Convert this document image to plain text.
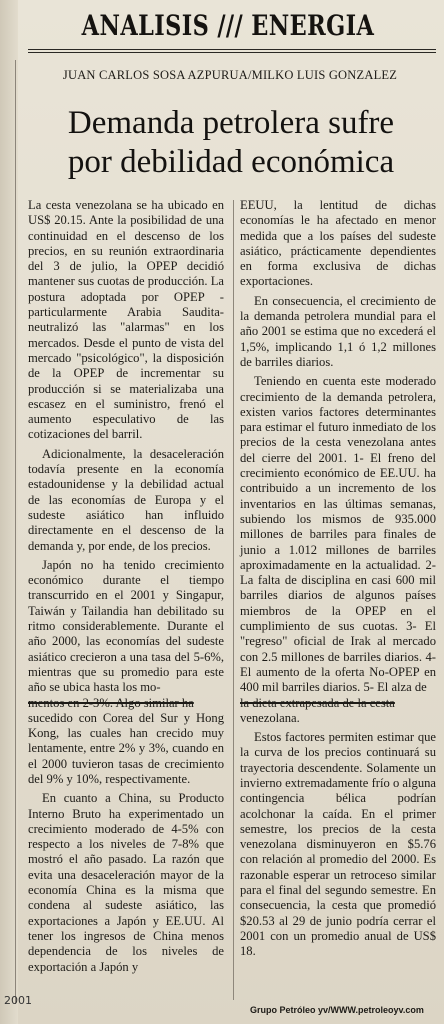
ANALISIS /// ENERGIA
JUAN CARLOS SOSA AZPURUA/MILKO LUIS GONZALEZ
Demanda petrolera sufre
por debilidad económica

La cesta venezolana se ha ubicado en US$ 20.15. Ante la posibilidad de una continuidad en el descenso de los precios, en su reunión extraordinaria del 3 de julio, la OPEP decidió mantener sus cuotas de producción. La postura adoptada por OPEP - particularmente Arabia Saudita- neutralizó las "alarmas" en los mercados. Desde el punto de vista del mercado "psicológico", la disposición de la OPEP de incrementar su producción si se materializaba una escasez en el suministro, frenó el aumento especulativo de las cotizaciones del barril.

Adicionalmente, la desaceleración todavía presente en la economía estadounidense y la debilidad actual de las economías de Europa y el sudeste asiático han influido directamente en el descenso de la demanda y, por ende, de los precios.

Japón no ha tenido crecimiento económico durante el tiempo transcurrido en el 2001 y Singapur, Taiwán y Tailandia han debilitado su ritmo considerablemente. Durante el año 2000, las economías del sudeste asiático crecieron a una tasa del 5-6%, mientras que su promedio para este año se ubica hasta los mo-

mentos en 2-3%. Algo similar ha

sucedido con Corea del Sur y Hong Kong, las cuales han crecido muy lentamente, entre 2% y 3%, cuando en el 2000 tuvieron tasas de crecimiento del 9% y 10%, respectivamente.

En cuanto a China, su Producto Interno Bruto ha experimentado un crecimiento moderado de 4-5% con respecto a los niveles de 7-8% que mostró el año pasado. La razón que evita una desaceleración mayor de la economía China es la misma que condena al sudeste asiático, las exportaciones a Japón y EE.UU. Al tener los ingresos de China menos dependencia de los niveles de exportación a Japón y

EEUU, la lentitud de dichas economías le ha afectado en menor medida que a los países del sudeste asiático, prácticamente dependientes en forma exclusiva de dichas exportaciones.

En consecuencia, el crecimiento de la demanda petrolera mundial para el año 2001 se estima que no excederá el 1,5%, implicando 1,1 ó 1,2 millones de barriles diarios.

Teniendo en cuenta este moderado crecimiento de la demanda petrolera, existen varios factores determinantes para estimar el futuro inmediato de los precios de la cesta venezolana antes del cierre del 2001. 1- El freno del crecimiento económico de EE.UU. ha contribuido a un incremento de los inventarios en las últimas semanas, subiendo los mismos de 935.000 millones de barriles para finales de junio a 1.012 millones de barriles aproximadamente en la actualidad. 2- La falta de disciplina en casi 600 mil barriles diarios de algunos países miembros de la OPEP en el cumplimiento de sus cuotas. 3- El "regreso" oficial de Irak al mercado con 2.5 millones de barriles diarios. 4- El aumento de la oferta No-OPEP en 400 mil barriles diarios. 5- El alza de

la dieta extrapesada de la cesta

venezolana.

Estos factores permiten estimar que la curva de los precios continuará su trayectoria descendente. Solamente un invierno extremadamente frío o alguna contingencia bélica podrían acolchonar la caída. En el primer semestre, los precios de la cesta venezolana disminuyeron en $5.76 con relación al promedio del 2000. Es razonable esperar un retroceso similar para el final del segundo semestre. En consecuencia, la cesta que promedió $20.53 al 29 de junio podría cerrar el 2001 con un promedio anual de US$ 18.

2001
Grupo Petróleo yv/WWW.petroleoyv.com
